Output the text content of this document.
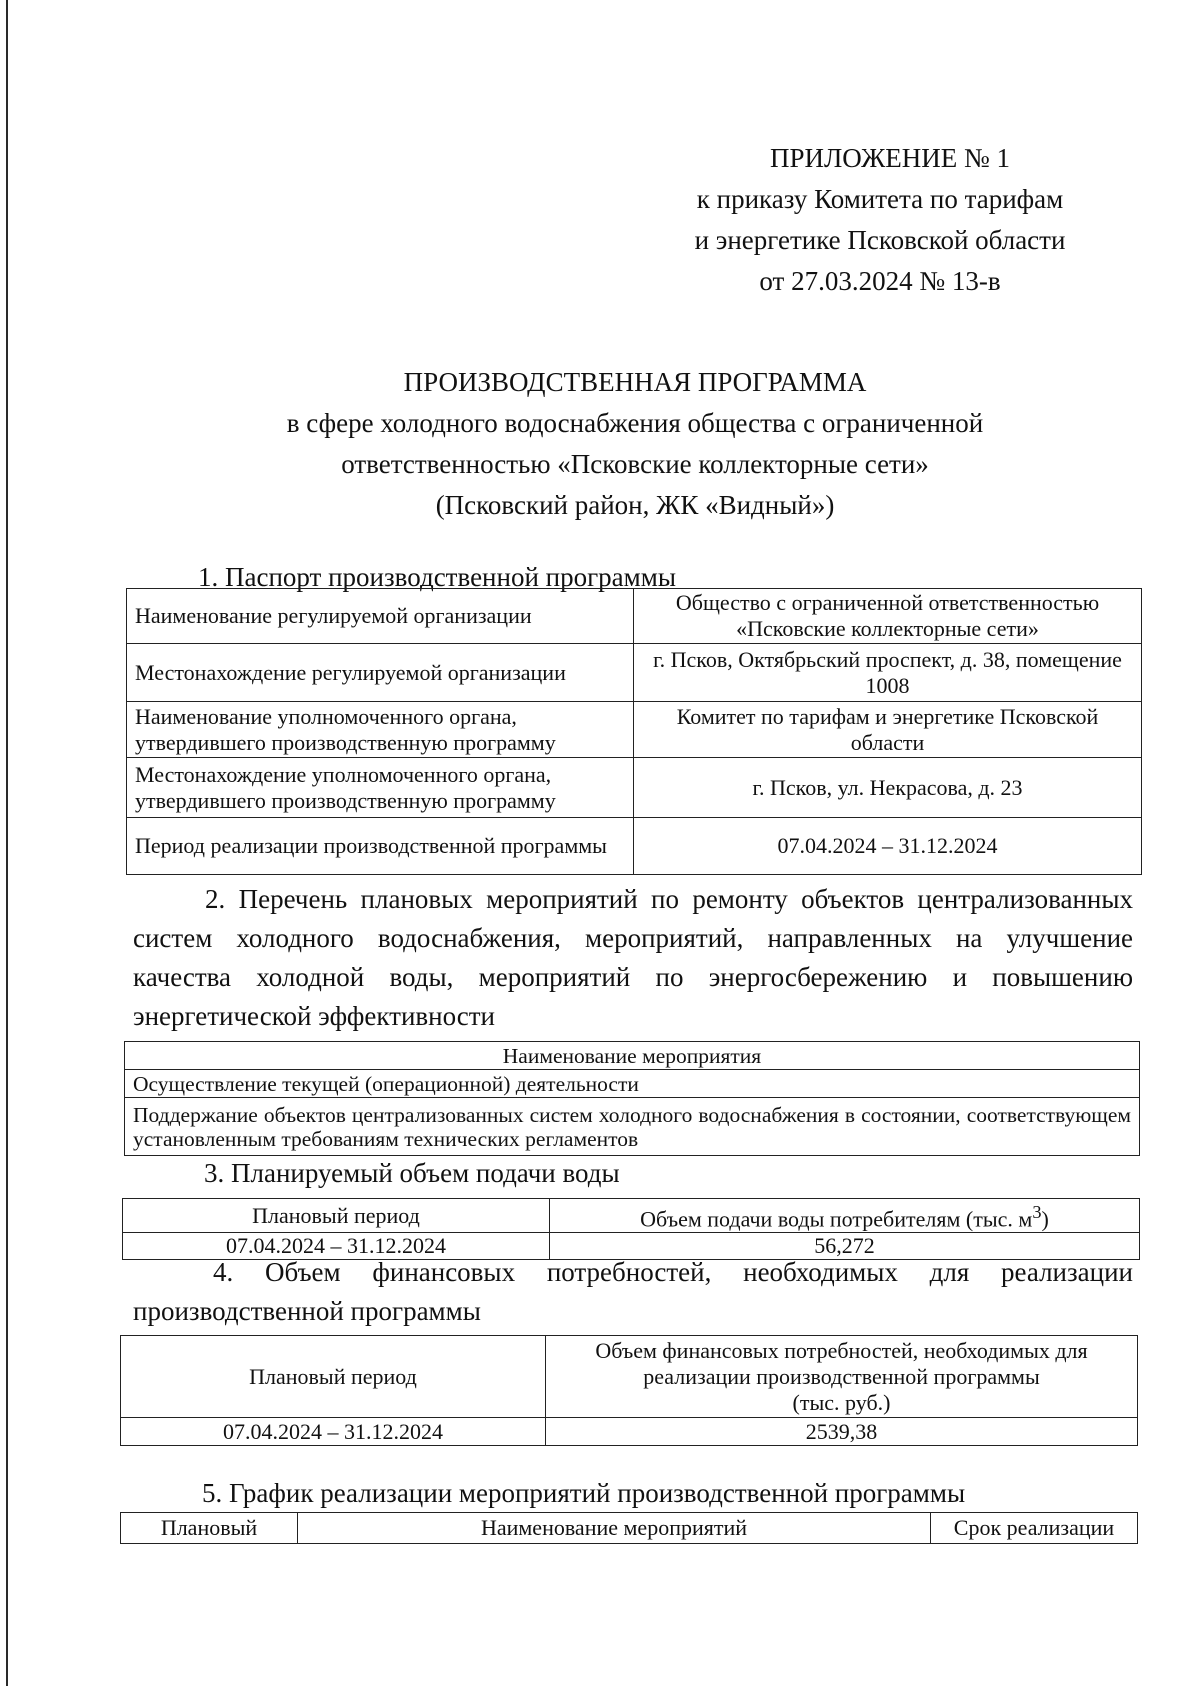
ПРИЛОЖЕНИЕ № 1
к приказу Комитета по тарифам
и энергетике Псковской области
от 27.03.2024 № 13-в
ПРОИЗВОДСТВЕННАЯ ПРОГРАММА
в сфере холодного водоснабжения общества с ограниченной
ответственностью «Псковские коллекторные сети»
(Псковский район, ЖК «Видный»)
1. Паспорт производственной программы
Наименование регулируемой организации	Общество с ограниченной ответственностью «Псковские коллекторные сети»
Местонахождение регулируемой организации	г. Псков, Октябрьский проспект, д. 38, помещение 1008
Наименование уполномоченного органа, утвердившего производственную программу	Комитет по тарифам и энергетике Псковской области
Местонахождение уполномоченного органа, утвердившего производственную программу	г. Псков, ул. Некрасова, д. 23
Период реализации производственной программы	07.04.2024 – 31.12.2024
2. Перечень плановых мероприятий по ремонту объектов централизованных систем холодного водоснабжения, мероприятий, направленных на улучшение качества холодной воды, мероприятий по энергосбережению и повышению энергетической эффективности
Наименование мероприятия
Осуществление текущей (операционной) деятельности
Поддержание объектов централизованных систем холодного водоснабжения в состоянии, соответствующем установленным требованиям технических регламентов
3. Планируемый объем подачи воды
Плановый период	Объем подачи воды потребителям (тыс. $м^3$)
07.04.2024 – 31.12.2024	56,272
4. Объем финансовых потребностей, необходимых для реализации производственной программы
Плановый период	Объем финансовых потребностей, необходимых для
реализации производственной программы
(тыс. руб.)

07.04.2024 – 31.12.2024	2539,38
5. График реализации мероприятий производственной программы
Плановый	Наименование мероприятий	Срок реализации
